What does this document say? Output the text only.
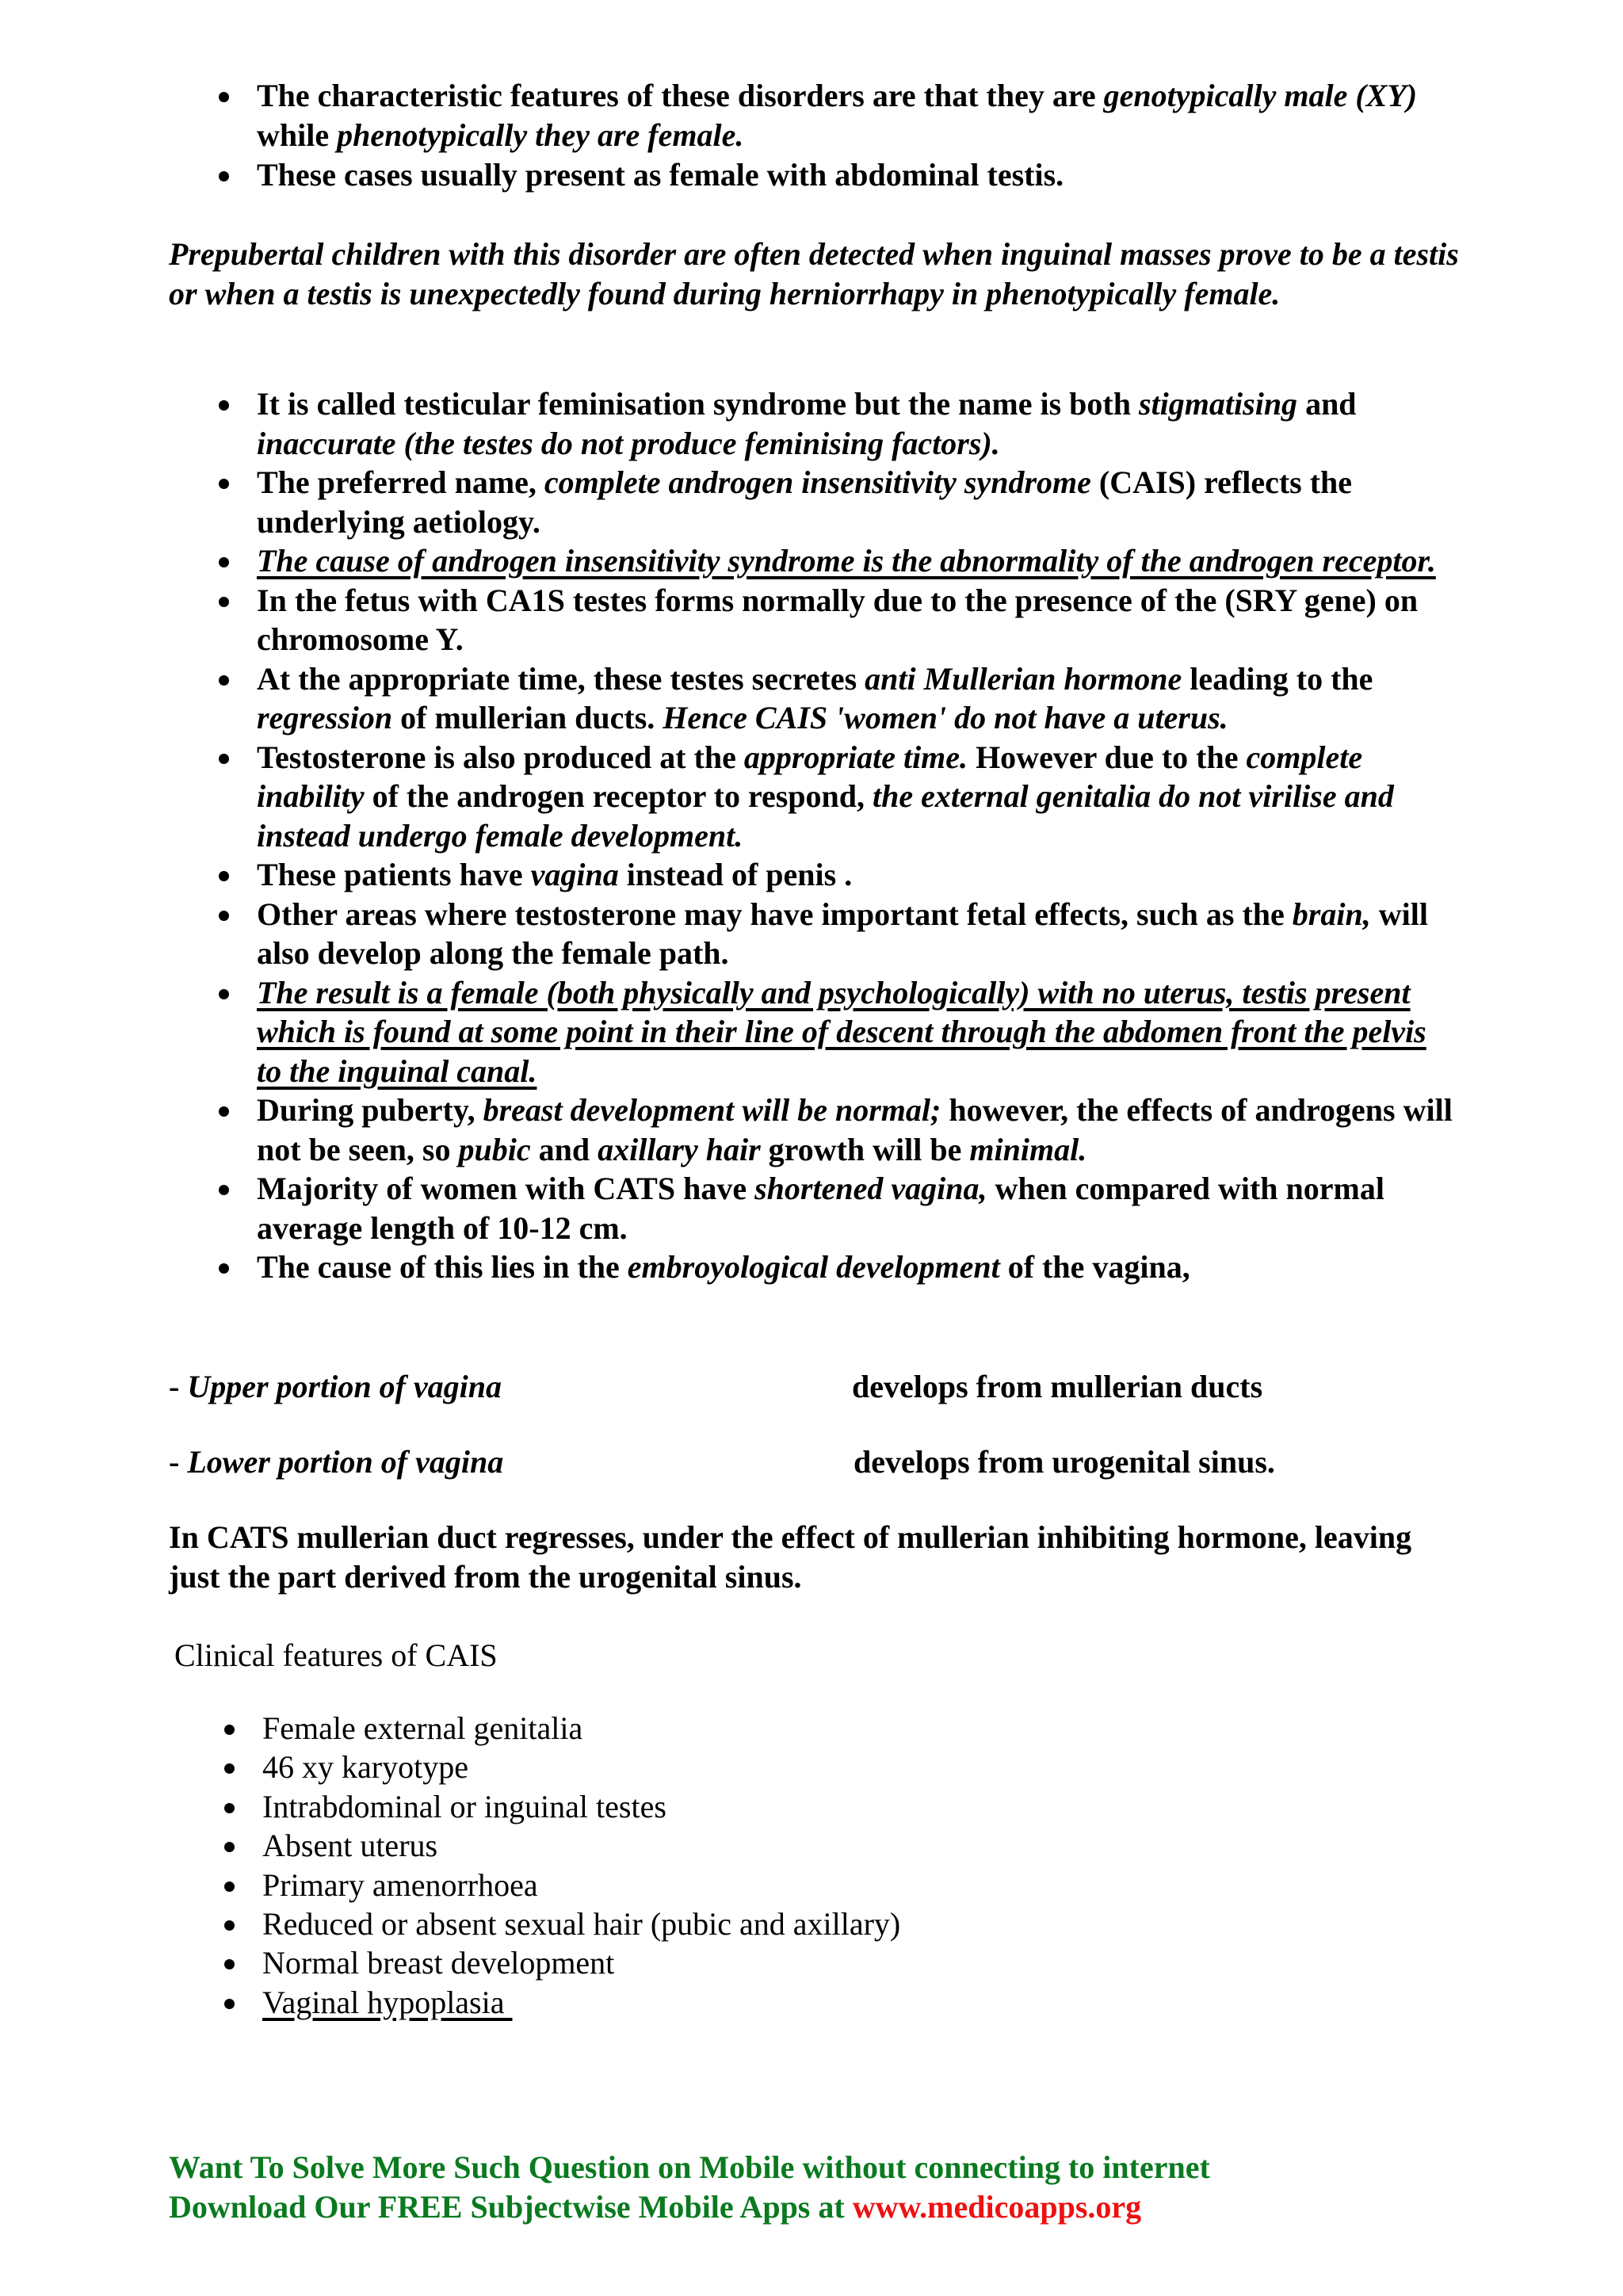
The characteristic features of these disorders are that they are genotypically male (XY) while phenotypically they are female.
These cases usually present as female with abdominal testis.
Prepubertal children with this disorder are often detected when inguinal masses prove to be a testis or when a testis is unexpectedly found during herniorrhapy in phenotypically female.
It is called testicular feminisation syndrome but the name is both stigmatising and inaccurate (the testes do not produce feminising factors).
The preferred name, complete androgen insensitivity syndrome (CAIS) reflects the underlying aetiology.
The cause of androgen insensitivity syndrome is the abnormality of the androgen receptor.
In the fetus with CA1S testes forms normally due to the presence of the (SRY gene) on chromosome Y.
At the appropriate time, these testes secretes anti Mullerian hormone leading to the regression of mullerian ducts. Hence CAIS 'women' do not have a uterus.
Testosterone is also produced at the appropriate time. However due to the complete inability of the androgen receptor to respond, the external genitalia do not virilise and instead undergo female development.
These patients have vagina instead of penis .
Other areas where testosterone may have important fetal effects, such as the brain, will also develop along the female path.
The result is a female (both physically and psychologically) with no uterus, testis present which is found at some point in their line of descent through the abdomen front the pelvis to the inguinal canal.
During puberty, breast development will be normal; however, the effects of androgens will not be seen, so pubic and axillary hair growth will be minimal.
Majority of women with CATS have shortened vagina, when compared with normal average length of 10-12 cm.
The cause of this lies in the embroyological development of the vagina,
- Upper portion of vagina	develops from mullerian ducts
- Lower portion of vagina	develops from urogenital sinus.
In CATS mullerian duct regresses, under the effect of mullerian inhibiting hormone, leaving just the part derived from the urogenital sinus.
Clinical features of CAIS
Female external genitalia
46 xy karyotype
Intrabdominal or inguinal testes
Absent uterus
Primary amenorrhoea
Reduced or absent sexual hair (pubic and axillary)
Normal breast development
Vaginal hypoplasia
Want To Solve More Such Question on Mobile without connecting to internet
Download Our FREE Subjectwise Mobile Apps at www.medicoapps.org
